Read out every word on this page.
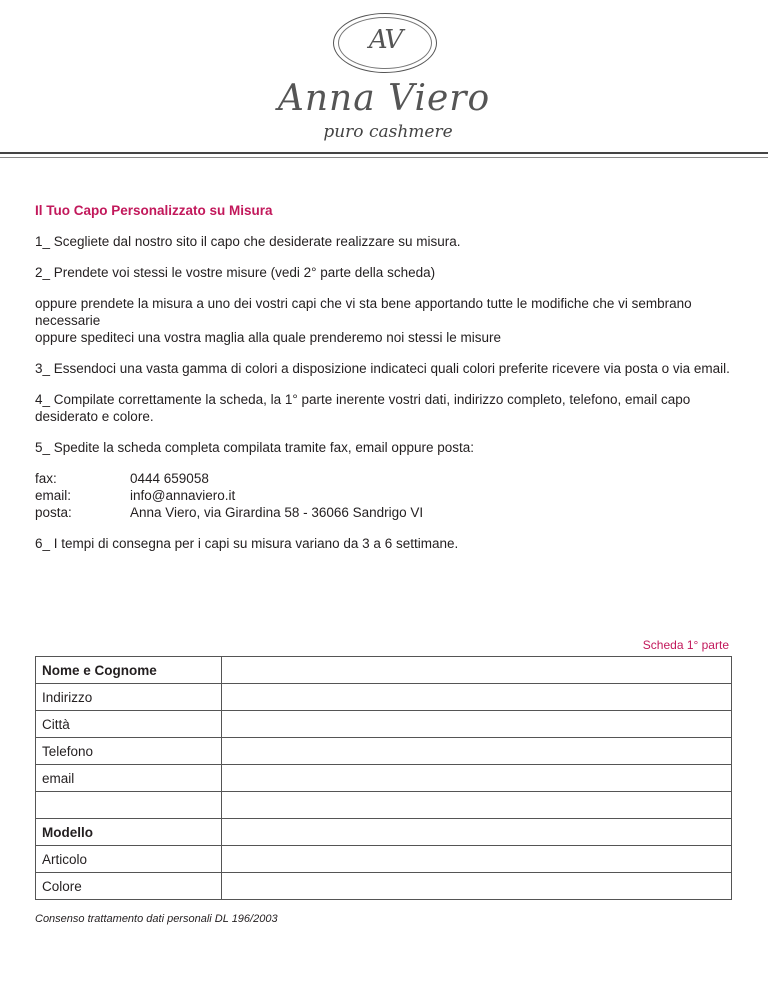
AV
Anna Viero
puro cashmere

Il Tuo Capo Personalizzato su Misura

1_ Scegliete dal nostro sito il capo che desiderate realizzare su misura.

2_ Prendete voi stessi le vostre misure (vedi 2° parte della scheda)

oppure prendete la misura a uno dei vostri capi che vi sta bene apportando tutte le modifiche che vi sembrano necessarie
oppure spediteci una vostra maglia alla quale prenderemo noi stessi le misure

3_ Essendoci una vasta gamma di colori a disposizione indicateci quali colori preferite ricevere via posta o via email.

4_ Compilate correttamente la scheda, la 1° parte inerente vostri dati, indirizzo completo, telefono, email capo desiderato e colore.

5_ Spedite la scheda completa compilata tramite fax, email oppure posta:

fax:	0444 659058
email:	info@annaviero.it
posta:	Anna Viero, via Girardina 58 - 36066 Sandrigo VI

6_ I tempi di consegna per i capi su misura variano da 3 a 6 settimane.

Scheda 1° parte
Nome e Cognome	
Indirizzo	
Città	
Telefono	
email	

Modello	
Articolo	
Colore	
Consenso trattamento dati personali DL 196/2003
